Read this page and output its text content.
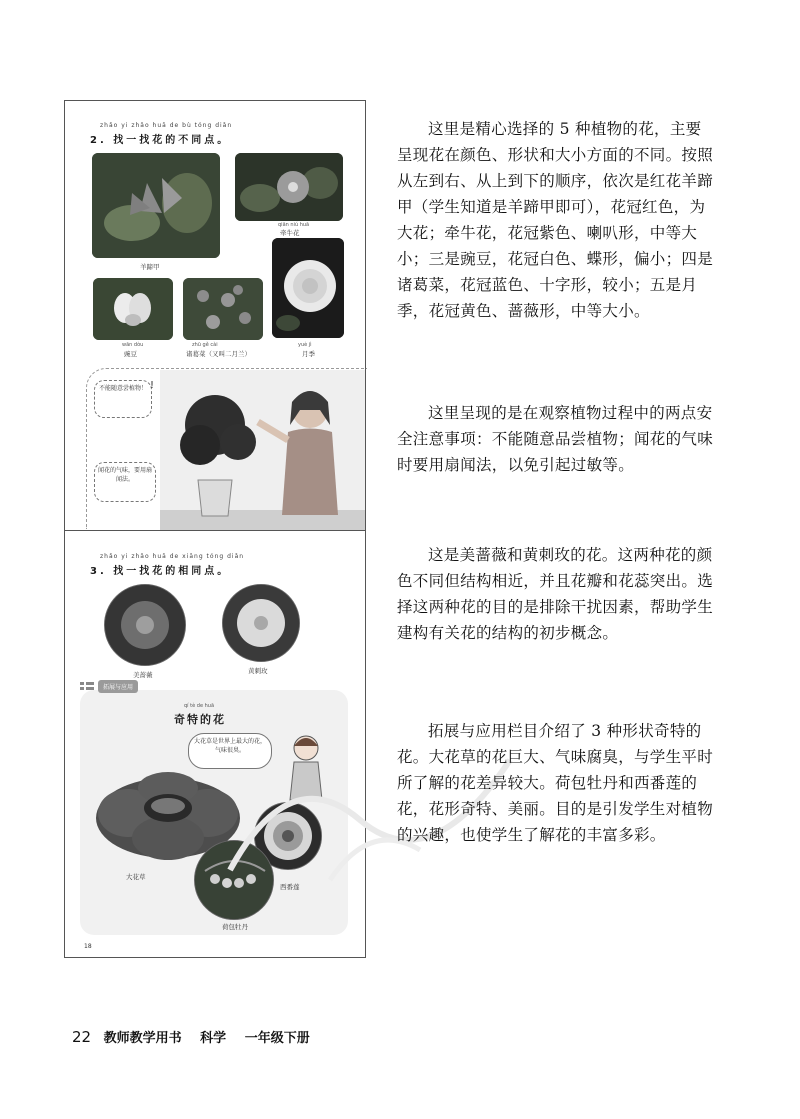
zhǎo yi zhǎo huā de bù tóng diǎn
2. 找一找花的不同点。
羊蹄甲
qiān niú huā
牵牛花
yuè jì
月季
wān dòu
豌豆
zhū gě cài
诸葛菜（又叫二月兰）
不能随意尝植物！ !
闻花的气味，要用扇闻法。
zhǎo yi zhǎo huā de xiāng tóng diǎn
3. 找一找花的相同点。
美蔷薇	黄刺玫
拓展与应用
qí tè de huā
奇特的花
大花草是世界上最大的花，气味很臭。
大花草
西番莲
荷包牡丹
18
这里是精心选择的 5 种植物的花，主要呈现花在颜色、形状和大小方面的不同。按照从左到右、从上到下的顺序，依次是红花羊蹄甲（学生知道是羊蹄甲即可），花冠红色，为大花；牵牛花，花冠紫色、喇叭形，中等大小；三是豌豆，花冠白色、蝶形，偏小；四是诸葛菜，花冠蓝色、十字形，较小；五是月季，花冠黄色、蔷薇形，中等大小。
这里呈现的是在观察植物过程中的两点安全注意事项：不能随意品尝植物；闻花的气味时要用扇闻法，以免引起过敏等。
这是美蔷薇和黄刺玫的花。这两种花的颜色不同但结构相近，并且花瓣和花蕊突出。选择这两种花的目的是排除干扰因素，帮助学生建构有关花的结构的初步概念。
拓展与应用栏目介绍了 3 种形状奇特的花。大花草的花巨大、气味腐臭，与学生平时所了解的花差异较大。荷包牡丹和西番莲的花，花形奇特、美丽。目的是引发学生对植物的兴趣，也使学生了解花的丰富多彩。
22 教师教学用书 科学 一年级下册
